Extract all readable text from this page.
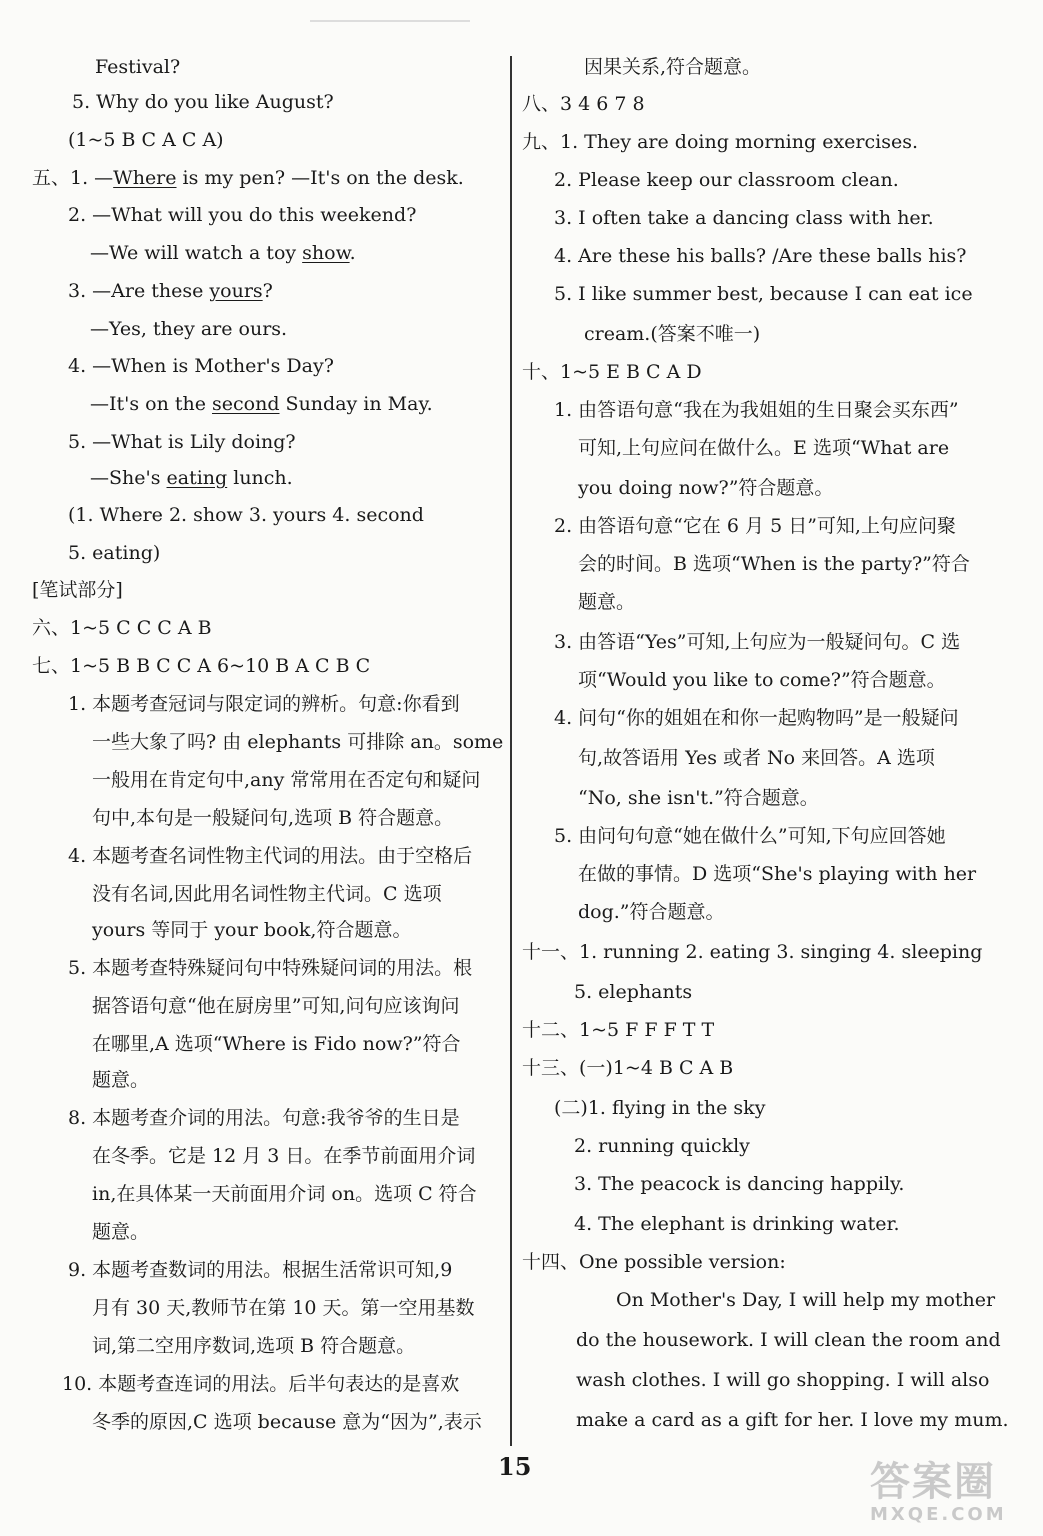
Festival?
5. Why do you like August?
(1~5 B C A C A)
五、1. —Where is my pen? —It's on the desk.
2. —What will you do this weekend?
—We will watch a toy show.
3. —Are these yours?
—Yes, they are ours.
4. —When is Mother's Day?
—It's on the second Sunday in May.
5. —What is Lily doing?
—She's eating lunch.
(1. Where 2. show 3. yours 4. second
5. eating)
[笔试部分]
六、1~5 C C C A B
七、1~5 B B C C A 6~10 B A C B C
1. 本题考查冠词与限定词的辨析。句意:你看到
一些大象了吗? 由 elephants 可排除 an。some
一般用在肯定句中,any 常常用在否定句和疑问
句中,本句是一般疑问句,选项 B 符合题意。
4. 本题考查名词性物主代词的用法。由于空格后
没有名词,因此用名词性物主代词。C 选项
yours 等同于 your book,符合题意。
5. 本题考查特殊疑问句中特殊疑问词的用法。根
据答语句意“他在厨房里”可知,问句应该询问
在哪里,A 选项“Where is Fido now?”符合
题意。
8. 本题考查介词的用法。句意:我爷爷的生日是
在冬季。它是 12 月 3 日。在季节前面用介词
in,在具体某一天前面用介词 on。选项 C 符合
题意。
9. 本题考查数词的用法。根据生活常识可知,9
月有 30 天,教师节在第 10 天。第一空用基数
词,第二空用序数词,选项 B 符合题意。
10. 本题考查连词的用法。后半句表达的是喜欢
冬季的原因,C 选项 because 意为“因为”,表示
因果关系,符合题意。
八、3 4 6 7 8
九、1. They are doing morning exercises.
2. Please keep our classroom clean.
3. I often take a dancing class with her.
4. Are these his balls? /Are these balls his?
5. I like summer best, because I can eat ice
cream.(答案不唯一)
十、1~5 E B C A D
1. 由答语句意“我在为我姐姐的生日聚会买东西”
可知,上句应问在做什么。E 选项“What are
you doing now?”符合题意。
2. 由答语句意“它在 6 月 5 日”可知,上句应问聚
会的时间。B 选项“When is the party?”符合
题意。
3. 由答语“Yes”可知,上句应为一般疑问句。C 选
项“Would you like to come?”符合题意。
4. 问句“你的姐姐在和你一起购物吗”是一般疑问
句,故答语用 Yes 或者 No 来回答。A 选项
“No, she isn't.”符合题意。
5. 由问句句意“她在做什么”可知,下句应回答她
在做的事情。D 选项“She's playing with her
dog.”符合题意。
十一、1. running 2. eating 3. singing 4. sleeping
5. elephants
十二、1~5 F F F T T
十三、(一)1~4 B C A B
(二)1. flying in the sky
2. running quickly
3. The peacock is dancing happily.
4. The elephant is drinking water.
十四、One possible version:
On Mother's Day, I will help my mother
do the housework. I will clean the room and
wash clothes. I will go shopping. I will also
make a card as a gift for her. I love my mum.
15	答案圈
MXQE.COM
